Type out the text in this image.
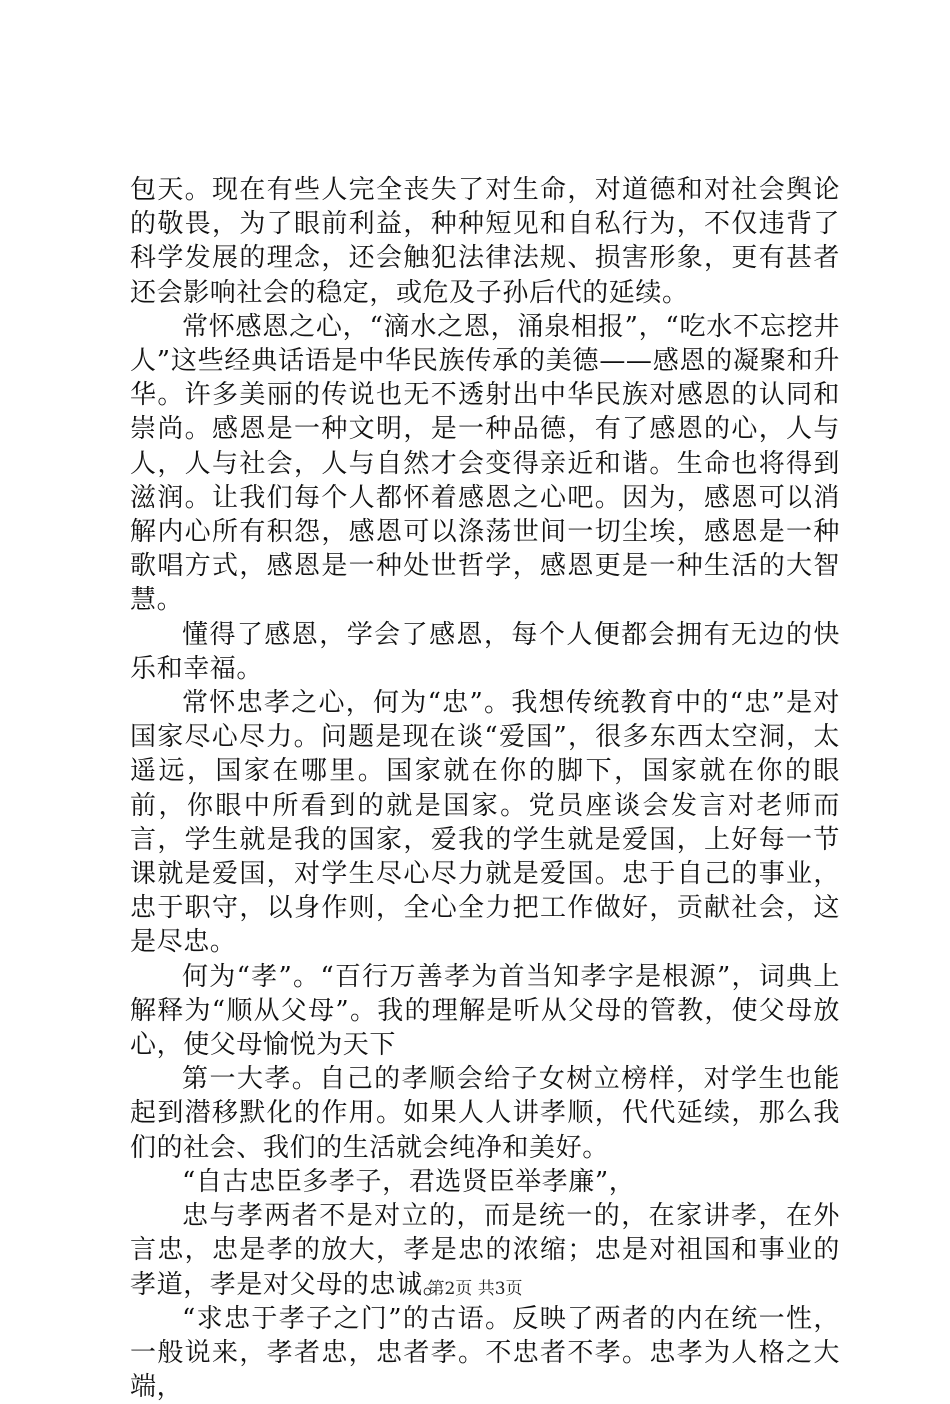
包天。现在有些人完全丧失了对生命，对道德和对社会舆论的敬畏，为了眼前利益，种种短见和自私行为，不仅违背了科学发展的理念，还会触犯法律法规、损害形象，更有甚者还会影响社会的稳定，或危及子孙后代的延续。

常怀感恩之心，“滴水之恩，涌泉相报”，“吃水不忘挖井人”这些经典话语是中华民族传承的美德——感恩的凝聚和升华。许多美丽的传说也无不透射出中华民族对感恩的认同和崇尚。感恩是一种文明，是一种品德，有了感恩的心，人与人，人与社会，人与自然才会变得亲近和谐。生命也将得到滋润。让我们每个人都怀着感恩之心吧。因为，感恩可以消解内心所有积怨，感恩可以涤荡世间一切尘埃，感恩是一种歌唱方式，感恩是一种处世哲学，感恩更是一种生活的大智慧。

懂得了感恩，学会了感恩，每个人便都会拥有无边的快乐和幸福。

常怀忠孝之心，何为“忠”。我想传统教育中的“忠”是对国家尽心尽力。问题是现在谈“爱国”，很多东西太空洞，太遥远，国家在哪里。国家就在你的脚下，国家就在你的眼前，你眼中所看到的就是国家。党员座谈会发言对老师而言，学生就是我的国家，爱我的学生就是爱国，上好每一节课就是爱国，对学生尽心尽力就是爱国。忠于自己的事业，忠于职守，以身作则，全心全力把工作做好，贡献社会，这是尽忠。

何为“孝”。“百行万善孝为首当知孝字是根源”，词典上解释为“顺从父母”。我的理解是听从父母的管教，使父母放心，使父母愉悦为天下

第一大孝。自己的孝顺会给子女树立榜样，对学生也能起到潜移默化的作用。如果人人讲孝顺，代代延续，那么我们的社会、我们的生活就会纯净和美好。

“自古忠臣多孝子，君选贤臣举孝廉”，

忠与孝两者不是对立的，而是统一的，在家讲孝，在外言忠，忠是孝的放大，孝是忠的浓缩；忠是对祖国和事业的孝道，孝是对父母的忠诚。

“求忠于孝子之门”的古语。反映了两者的内在统一性，一般说来，孝者忠，忠者孝。不忠者不孝。忠孝为人格之大端，

第2页 共3页
